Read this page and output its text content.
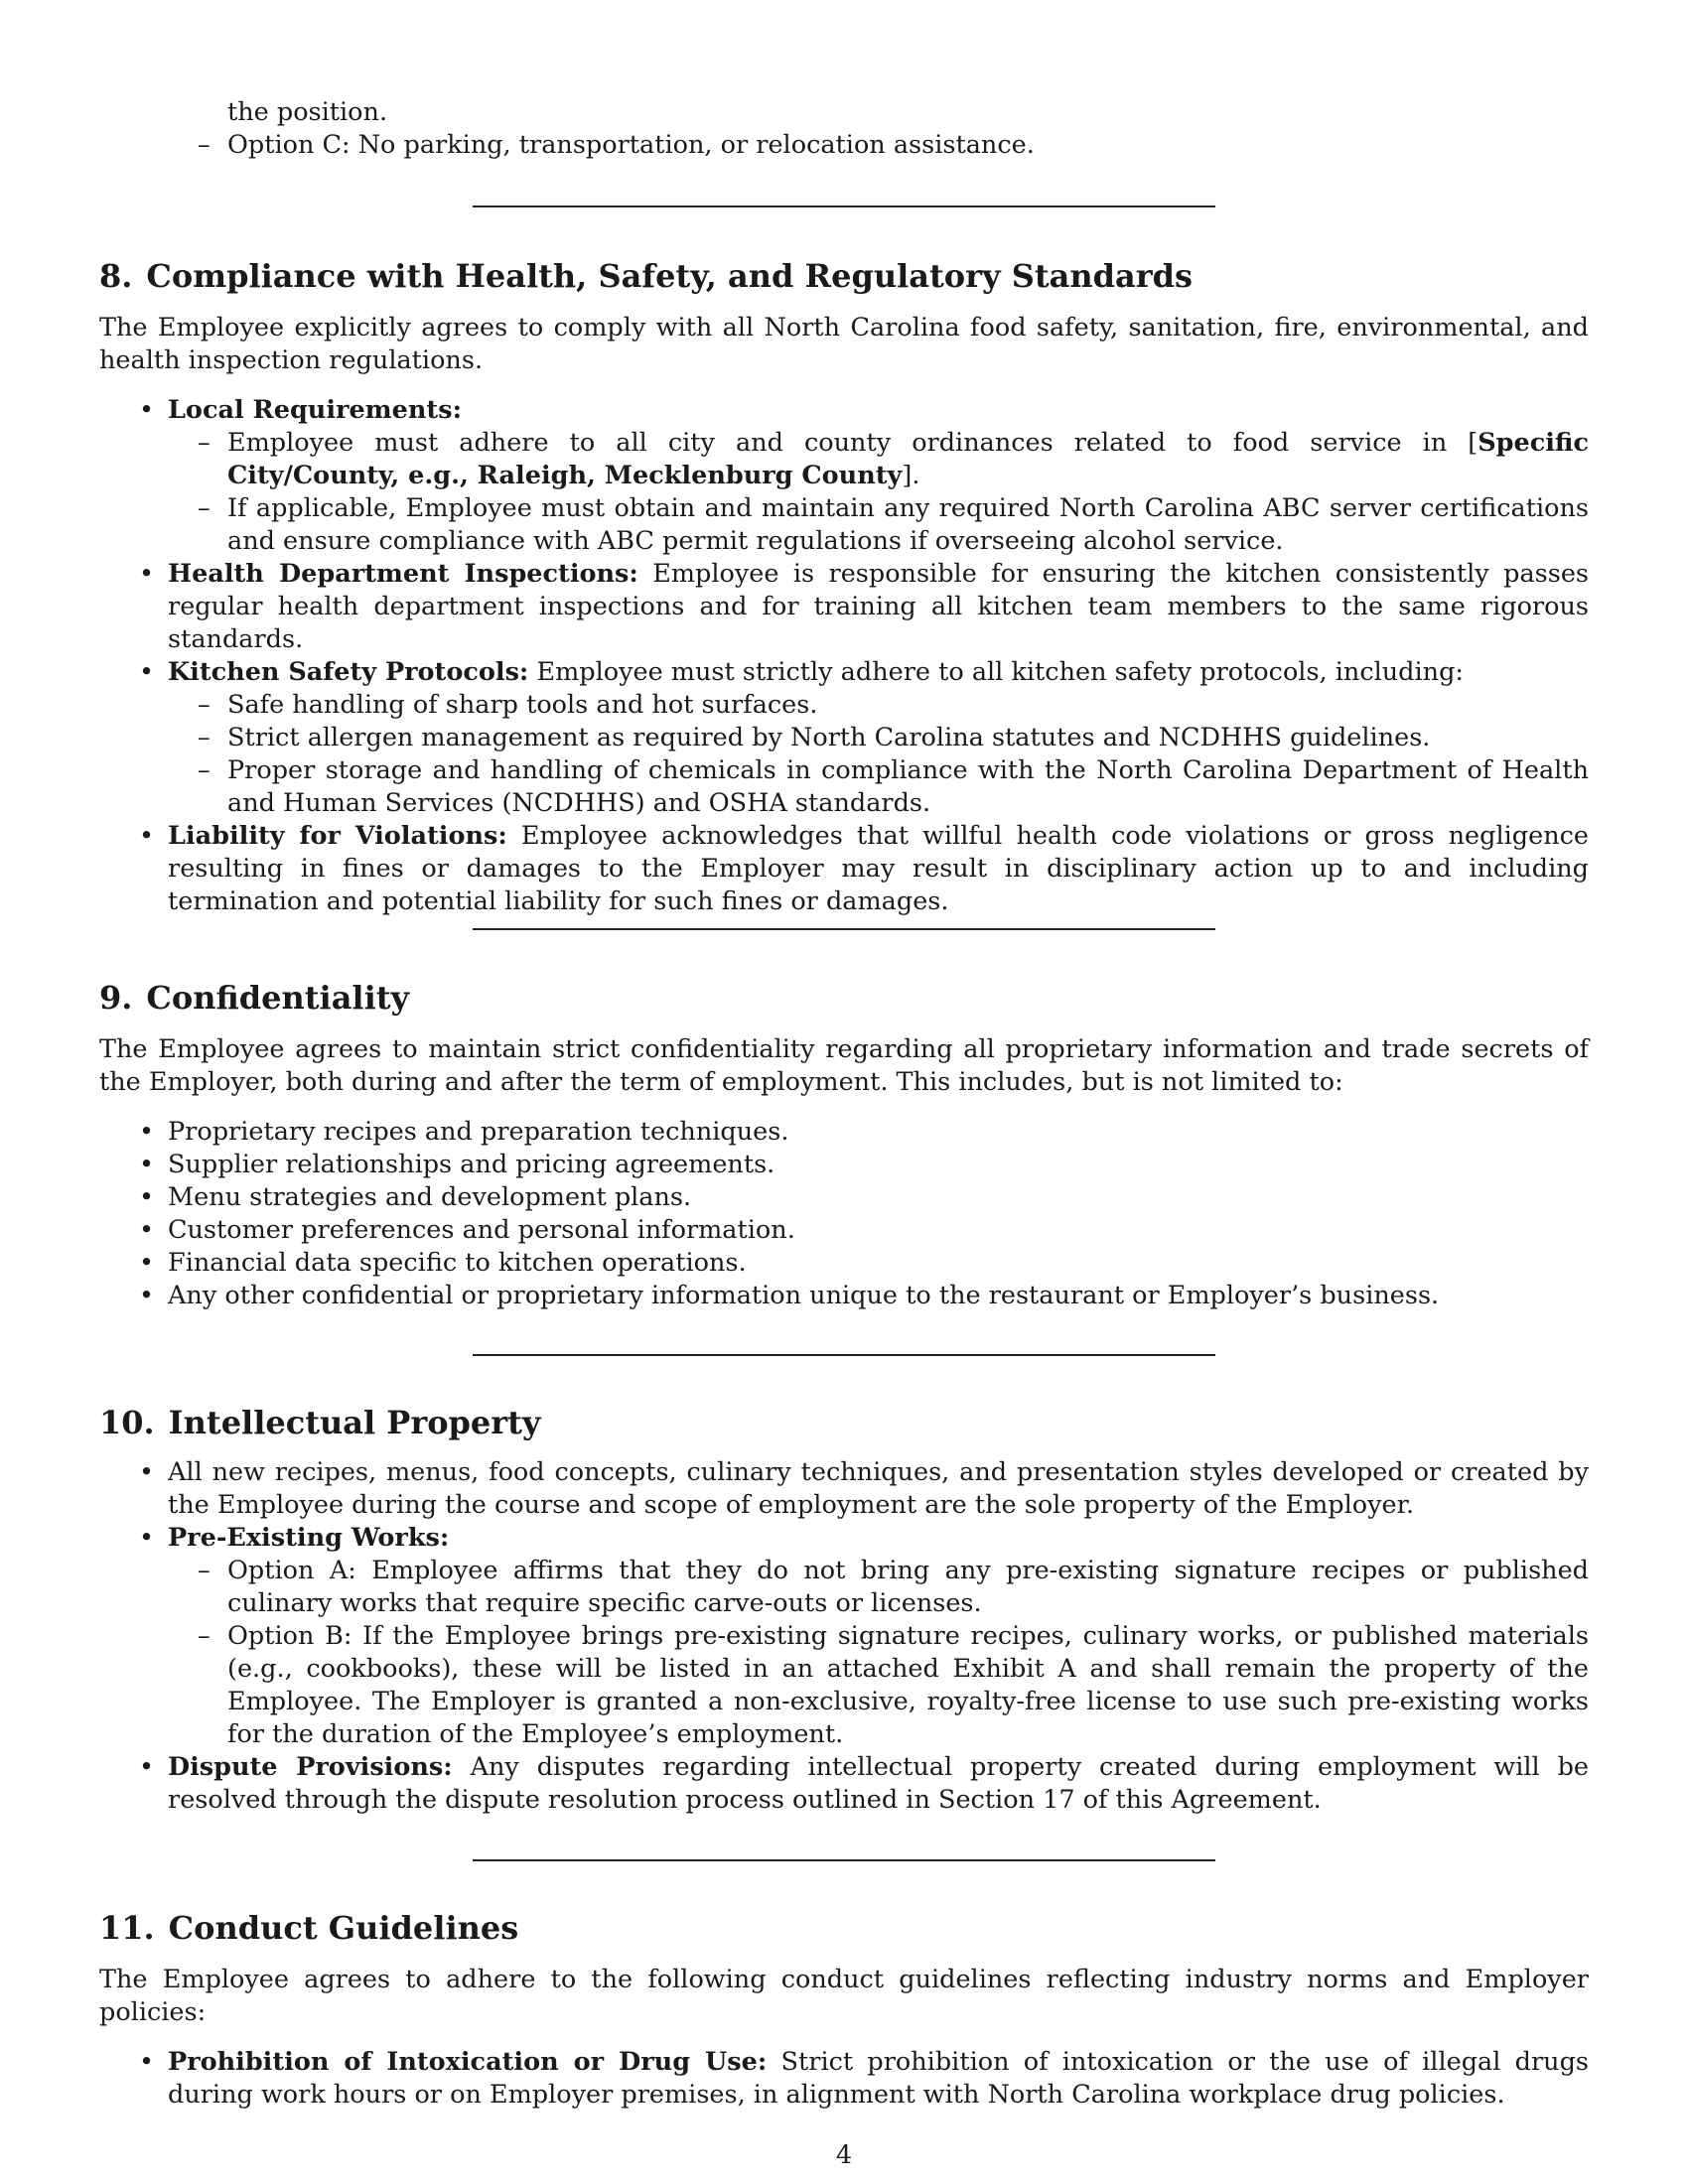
the position.
– Option C: No parking, transportation, or relocation assistance.
8. Compliance with Health, Safety, and Regulatory Standards

The Employee explicitly agrees to comply with all North Carolina food safety, sanitation, fire, environmental, and health inspection regulations.

• Local Requirements:
– Employee must adhere to all city and county ordinances related to food service in [Specific City/County, e.g., Raleigh, Mecklenburg County].
– If applicable, Employee must obtain and maintain any required North Carolina ABC server certifications and ensure compliance with ABC permit regulations if overseeing alcohol service.
• Health Department Inspections: Employee is responsible for ensuring the kitchen consistently passes regular health department inspections and for training all kitchen team members to the same rigorous standards.
• Kitchen Safety Protocols: Employee must strictly adhere to all kitchen safety protocols, including:
– Safe handling of sharp tools and hot surfaces.
– Strict allergen management as required by North Carolina statutes and NCDHHS guidelines.
– Proper storage and handling of chemicals in compliance with the North Carolina Department of Health and Human Services (NCDHHS) and OSHA standards.
• Liability for Violations: Employee acknowledges that willful health code violations or gross negligence resulting in fines or damages to the Employer may result in disciplinary action up to and including termination and potential liability for such fines or damages.
9. Confidentiality

The Employee agrees to maintain strict confidentiality regarding all proprietary information and trade secrets of the Employer, both during and after the term of employment. This includes, but is not limited to:

• Proprietary recipes and preparation techniques.
• Supplier relationships and pricing agreements.
• Menu strategies and development plans.
• Customer preferences and personal information.
• Financial data specific to kitchen operations.
• Any other confidential or proprietary information unique to the restaurant or Employer’s business.
10. Intellectual Property
• All new recipes, menus, food concepts, culinary techniques, and presentation styles developed or created by the Employee during the course and scope of employment are the sole property of the Employer.
• Pre-Existing Works:
– Option A: Employee affirms that they do not bring any pre-existing signature recipes or published culinary works that require specific carve-outs or licenses.
– Option B: If the Employee brings pre-existing signature recipes, culinary works, or published materials (e.g., cookbooks), these will be listed in an attached Exhibit A and shall remain the property of the Employee. The Employer is granted a non-exclusive, royalty-free license to use such pre-existing works for the duration of the Employee’s employment.
• Dispute Provisions: Any disputes regarding intellectual property created during employment will be resolved through the dispute resolution process outlined in Section 17 of this Agreement.
11. Conduct Guidelines

The Employee agrees to adhere to the following conduct guidelines reflecting industry norms and Employer policies:

• Prohibition of Intoxication or Drug Use: Strict prohibition of intoxication or the use of illegal drugs during work hours or on Employer premises, in alignment with North Carolina workplace drug policies.
4
